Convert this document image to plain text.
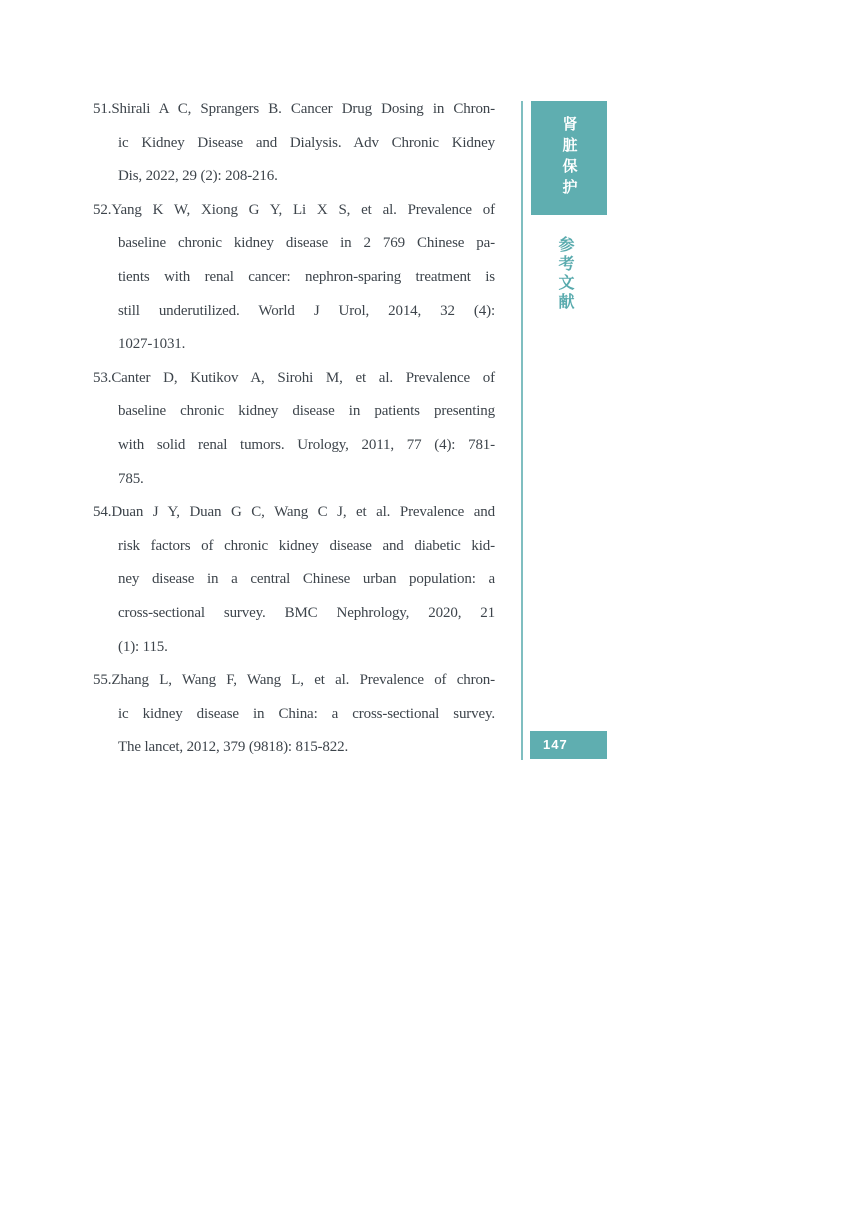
51.Shirali A C, Sprangers B. Cancer Drug Dosing in Chron-
ic Kidney Disease and Dialysis. Adv Chronic Kidney
Dis, 2022, 29 (2): 208-216.
52.Yang K W, Xiong G Y, Li X S, et al. Prevalence of
baseline chronic kidney disease in 2 769 Chinese pa-
tients with renal cancer: nephron-sparing treatment is
still underutilized. World J Urol, 2014, 32 (4):
1027-1031.
53.Canter D, Kutikov A, Sirohi M, et al. Prevalence of
baseline chronic kidney disease in patients presenting
with solid renal tumors. Urology, 2011, 77 (4): 781-
785.
54.Duan J Y, Duan G C, Wang C J, et al. Prevalence and
risk factors of chronic kidney disease and diabetic kid-
ney disease in a central Chinese urban population: a
cross-sectional survey. BMC Nephrology, 2020, 21
(1): 115.
55.Zhang L, Wang F, Wang L, et al. Prevalence of chron-
ic kidney disease in China: a cross-sectional survey.
The lancet, 2012, 379 (9818): 815-822.
肾脏保护
参考文献
147
